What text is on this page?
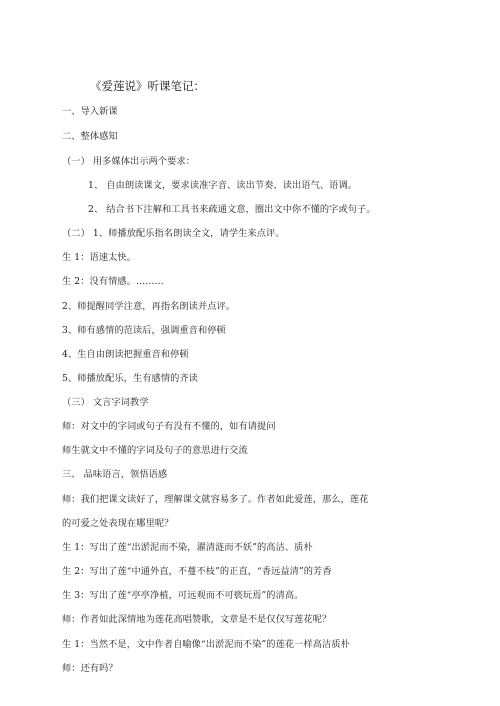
《爱莲说》听课笔记：
一、导入新课
二、整体感知
（一） 用多媒体出示两个要求：
1、 自由朗读课文，要求读准字音、读出节奏、读出语气、语调。
2、 结合书下注解和工具书来疏通文意，圈出文中你不懂的字或句子。
（二） 1、师播放配乐指名朗读全文，请学生来点评。
生 1：语速太快。
生 2：没有情感。………
2、师提醒同学注意，再指名朗读并点评。
3、师有感情的范读后，强调重音和停顿
4、生自由朗读把握重音和停顿
5、师播放配乐，生有感情的齐读
（三） 文言字词教学
师：对文中的字词或句子有没有不懂的，如有请提问
师生就文中不懂的字词及句子的意思进行交流
三、 品味语言，领悟语感
师：我们把课文读好了，理解课文就容易多了。作者如此爱莲，那么，莲花
的可爱之处表现在哪里呢？
生 1：写出了莲“出淤泥而不染，濯清涟而不妖”的高洁、质朴
生 2：写出了莲“中通外直，不蔓不枝”的正直，“香远益清”的芳香
生 3：写出了莲“亭亭净植，可远观而不可亵玩焉”的清高。
师：作者如此深情地为莲花高唱赞歌，文章是不是仅仅写莲花呢？
生 1：当然不是，文中作者自喻像“出淤泥而不染”的莲花一样高洁质朴
师：还有吗？
